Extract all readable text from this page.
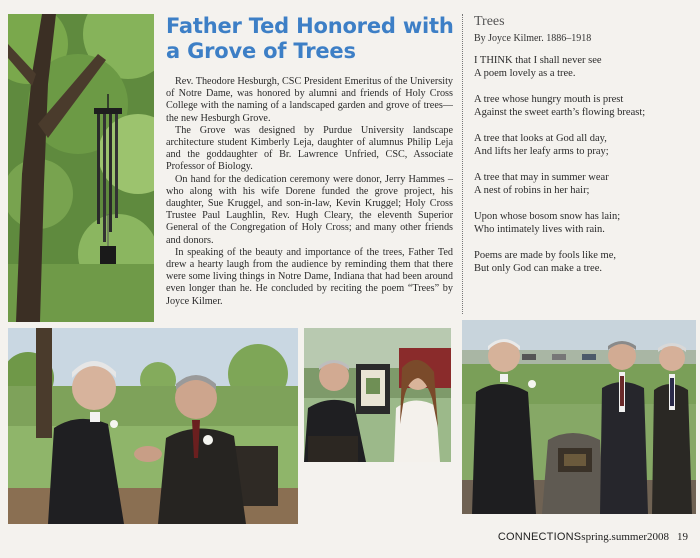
Father Ted Honored with a Grove of Trees

Rev. Theodore Hesburgh, CSC President Emeritus of the University of Notre Dame, was honored by alumni and friends of Holy Cross College with the naming of a landscaped garden and grove of trees—the new Hesburgh Grove.

The Grove was designed by Purdue University landscape architecture student Kimberly Leja, daughter of alumnus Philip Leja and the goddaughter of Br. Lawrence Unfried, CSC, Associate Professor of Biology.

On hand for the dedication ceremony were donor, Jerry Hammes –who along with his wife Dorene funded the grove project, his daughter, Sue Kruggel, and son-in-law, Kevin Kruggel; Holy Cross Trustee Paul Laughlin, Rev. Hugh Cleary, the eleventh Superior General of the Congregation of Holy Cross; and many other friends and donors.

In speaking of the beauty and importance of the trees, Father Ted drew a hearty laugh from the audience by reminding them that there were some living things in Notre Dame, Indiana that had been around even longer than he. He concluded by reciting the poem “Trees” by Joyce Kilmer.

Trees
By Joyce Kilmer. 1886–1918
I THINK that I shall never see
A poem lovely as a tree.
A tree whose hungry mouth is prest
Against the sweet earth’s flowing breast;
A tree that looks at God all day,
And lifts her leafy arms to pray;
A tree that may in summer wear
A nest of robins in her hair;
Upon whose bosom snow has lain;
Who intimately lives with rain.
Poems are made by fools like me,
But only God can make a tree.
CONNECTIONSspring.summer2008 19
